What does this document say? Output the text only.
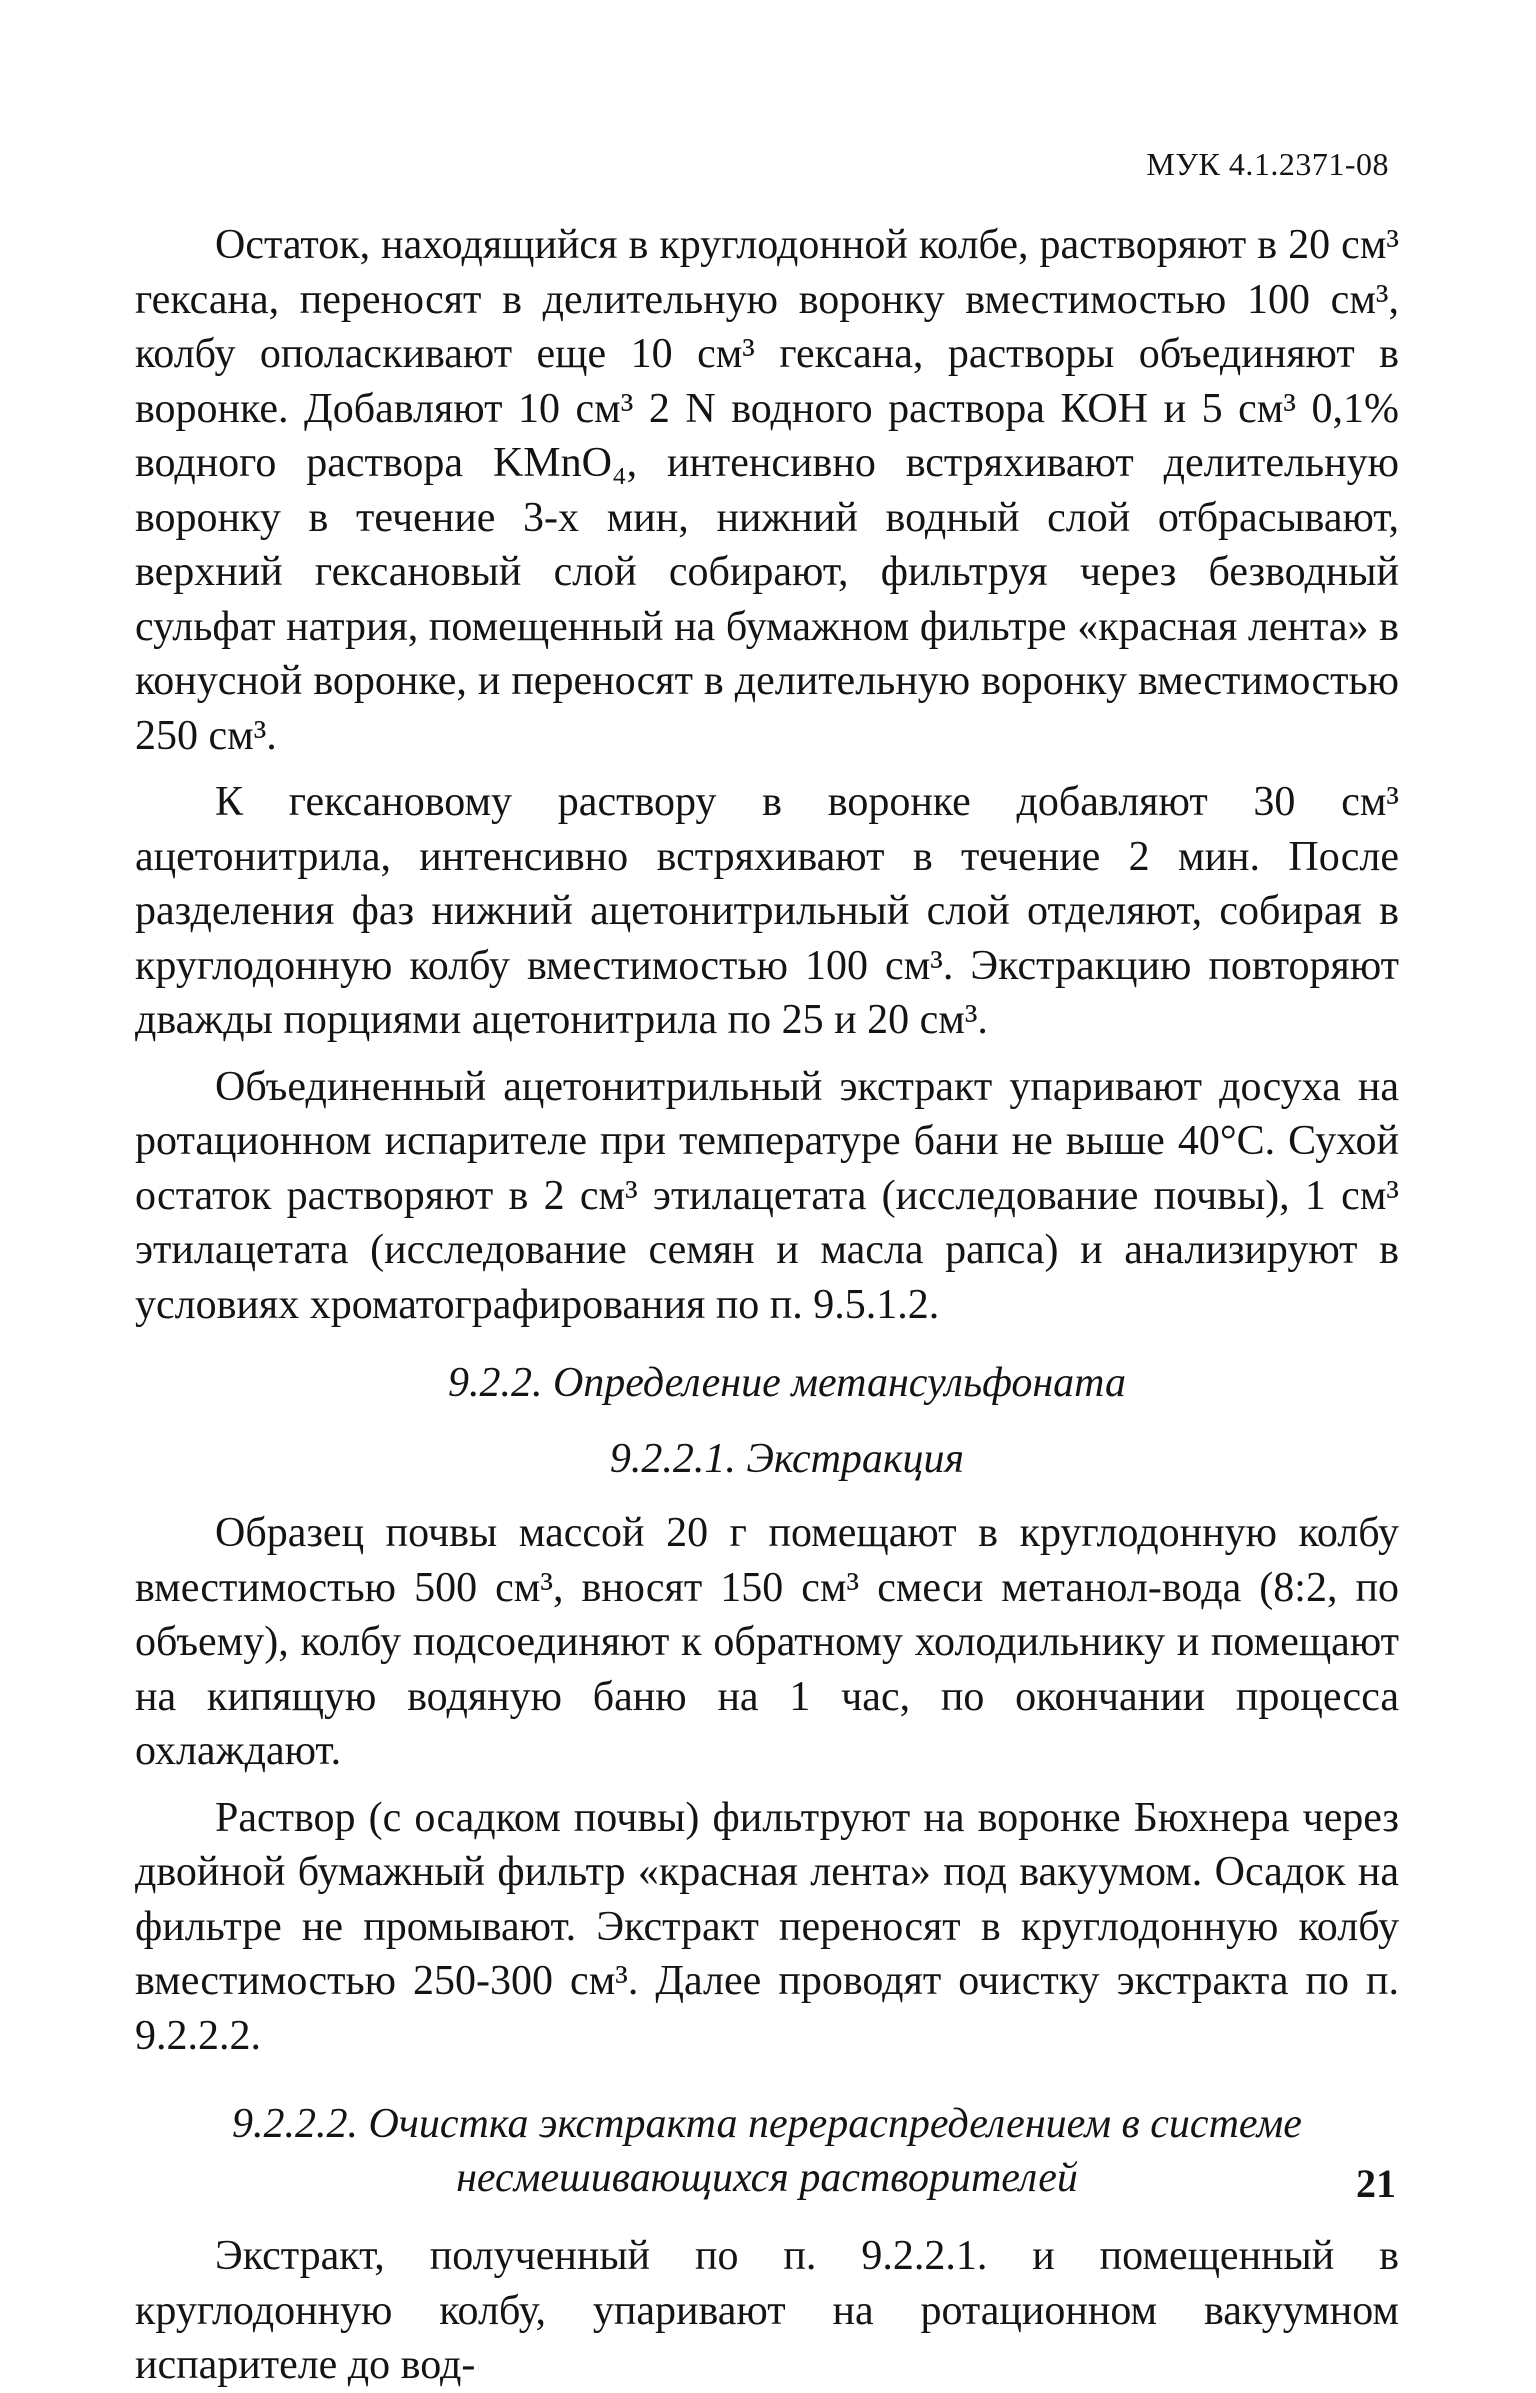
МУК 4.1.2371-08

Остаток, находящийся в круглодонной колбе, растворяют в 20 см³ гексана, переносят в делительную воронку вместимостью 100 см³, колбу ополаскивают еще 10 см³ гексана, растворы объединяют в воронке. Добавляют 10 см³ 2 N водного раствора КОН и 5 см³ 0,1% водного раствора KMnO₄, интенсивно встряхивают делительную воронку в течение 3-х мин, нижний водный слой отбрасывают, верхний гексановый слой собирают, фильтруя через безводный сульфат натрия, помещенный на бумажном фильтре «красная лента» в конусной воронке, и переносят в делительную воронку вместимостью 250 см³.

К гексановому раствору в воронке добавляют 30 см³ ацетонитрила, интенсивно встряхивают в течение 2 мин. После разделения фаз нижний ацетонитрильный слой отделяют, собирая в круглодонную колбу вместимостью 100 см³. Экстракцию повторяют дважды порциями ацетонитрила по 25 и 20 см³.

Объединенный ацетонитрильный экстракт упаривают досуха на ротационном испарителе при температуре бани не выше 40°С. Сухой остаток растворяют в 2 см³ этилацетата (исследование почвы), 1 см³ этилацетата (исследование семян и масла рапса) и анализируют в условиях хроматографирования по п. 9.5.1.2.

9.2.2. Определение метансульфоната
9.2.2.1. Экстракция

Образец почвы массой 20 г помещают в круглодонную колбу вместимостью 500 см³, вносят 150 см³ смеси метанол-вода (8:2, по объему), колбу подсоединяют к обратному холодильнику и помещают на кипящую водяную баню на 1 час, по окончании процесса охлаждают.

Раствор (с осадком почвы) фильтруют на воронке Бюхнера через двойной бумажный фильтр «красная лента» под вакуумом. Осадок на фильтре не промывают. Экстракт переносят в круглодонную колбу вместимостью 250-300 см³. Далее проводят очистку экстракта по п. 9.2.2.2.

9.2.2.2. Очистка экстракта перераспределением в системе
несмешивающихся растворителей

Экстракт, полученный по п. 9.2.2.1. и помещенный в круглодонную колбу, упаривают на ротационном вакуумном испарителе до вод-

21
